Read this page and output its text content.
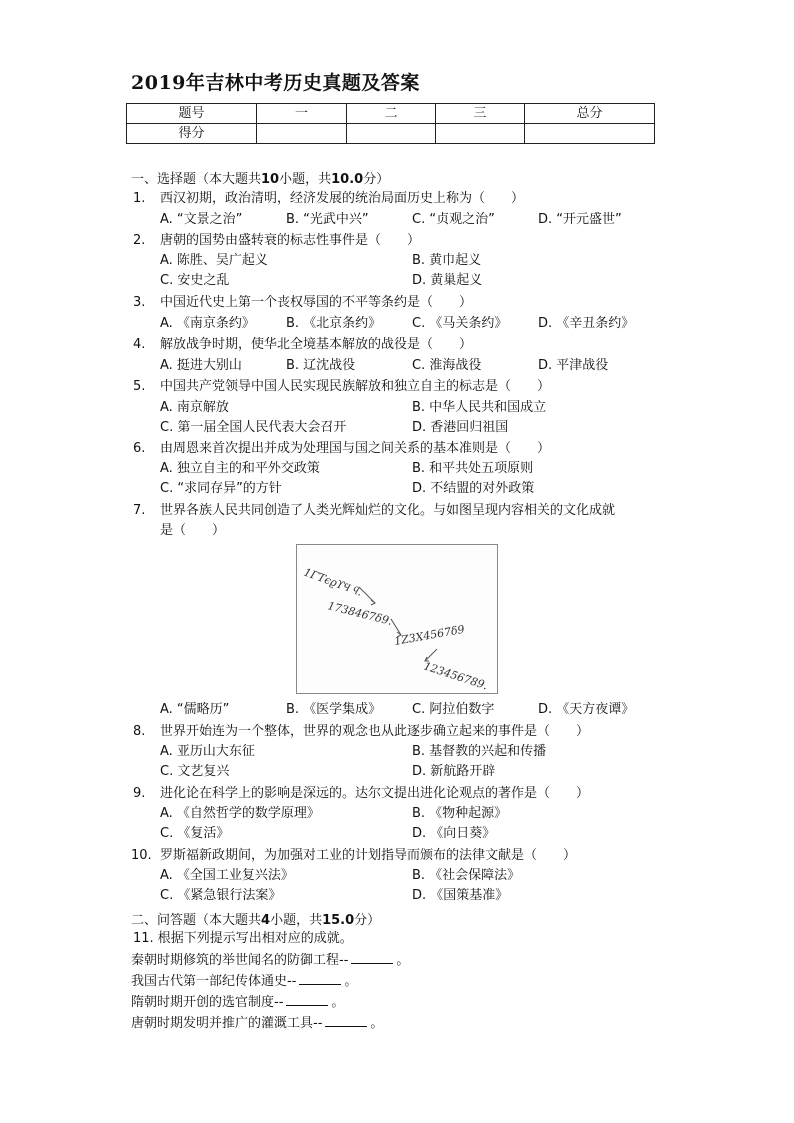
2019年吉林中考历史真题及答案
题号	一	二	三	总分
得分				
一、选择题（本大题共10小题，共10.0分）
1. 西汉初期，政治清明，经济发展的统治局面历史上称为（　　）
A. “文景之治”	B. “光武中兴”	C. “贞观之治”	D. “开元盛世”
2. 唐朝的国势由盛转衰的标志性事件是（　　）
A. 陈胜、吴广起义	B. 黄巾起义
C. 安史之乱	D. 黄巢起义
3. 中国近代史上第一个丧权辱国的不平等条约是（　　）
A. 《南京条约》 B. 《北京条约》 C. 《马关条约》 D. 《辛丑条约》
4. 解放战争时期，使华北全境基本解放的战役是（　　）
A. 挺进大别山	B. 辽沈战役	C. 淮海战役	D. 平津战役
5. 中国共产党领导中国人民实现民族解放和独立自主的标志是（　　）
A. 南京解放	B. 中华人民共和国成立
C. 第一届全国人民代表大会召开	D. 香港回归祖国
6. 由周恩来首次提出并成为处理国与国之间关系的基本准则是（　　）
A. 独立自主的和平外交政策	B. 和平共处五项原则
C. “求同存异”的方针	D. 不结盟的对外政策
7. 世界各族人民共同创造了人类光辉灿烂的文化。与如图呈现内容相关的文化成就
是（　　）
1ΓΤϵϱϒϤ ϥ.
1738467δ9.
1Ζ3Χ4567δ9
123456789.
A. “儒略历”	B. 《医学集成》 C. 阿拉伯数字	D. 《天方夜谭》
8. 世界开始连为一个整体，世界的观念也从此逐步确立起来的事件是（　　）
A. 亚历山大东征	B. 基督教的兴起和传播
C. 文艺复兴	D. 新航路开辟
9. 进化论在科学上的影响是深远的。达尔文提出进化论观点的著作是（　　）
A. 《自然哲学的数学原理》	B. 《物种起源》
C. 《复活》	D. 《向日葵》
10. 罗斯福新政期间，为加强对工业的计划指导而颁布的法律文献是（　　）
A. 《全国工业复兴法》	B. 《社会保障法》
C. 《紧急银行法案》	D. 《国策基准》
二、问答题（本大题共4小题，共15.0分）
11. 根据下列提示写出相对应的成就。
秦朝时期修筑的举世闻名的防御工程--	。
我国古代第一部纪传体通史--	。
隋朝时期开创的选官制度--	。
唐朝时期发明并推广的灌溉工具--	。
